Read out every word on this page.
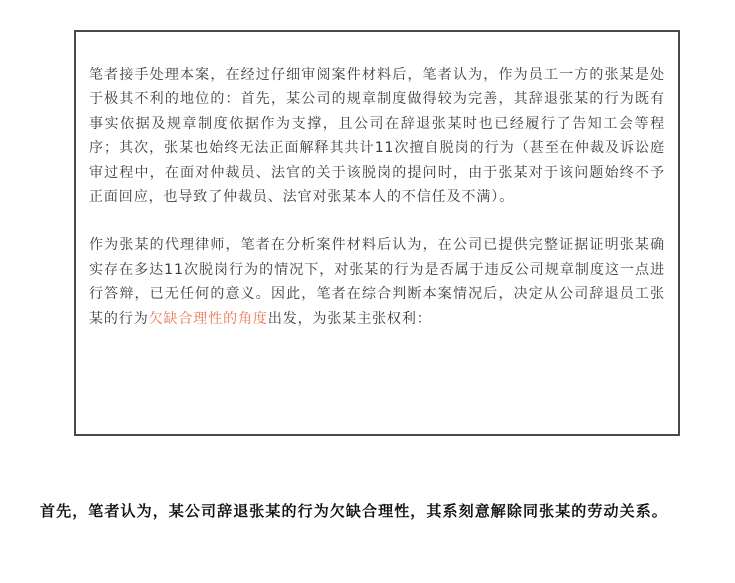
笔者接手处理本案，在经过仔细审阅案件材料后，笔者认为，作为员工一方的张某是处于极其不利的地位的：首先，某公司的规章制度做得较为完善，其辞退张某的行为既有事实依据及规章制度依据作为支撑，且公司在辞退张某时也已经履行了告知工会等程序；其次，张某也始终无法正面解释其共计11次擅自脱岗的行为（甚至在仲裁及诉讼庭审过程中，在面对仲裁员、法官的关于该脱岗的提问时，由于张某对于该问题始终不予正面回应，也导致了仲裁员、法官对张某本人的不信任及不满）。

作为张某的代理律师，笔者在分析案件材料后认为，在公司已提供完整证据证明张某确实存在多达11次脱岗行为的情况下，对张某的行为是否属于违反公司规章制度这一点进行答辩，已无任何的意义。因此，笔者在综合判断本案情况后，决定从公司辞退员工张某的行为欠缺合理性的角度出发，为张某主张权利：

首先，笔者认为，某公司辞退张某的行为欠缺合理性，其系刻意解除同张某的劳动关系。
